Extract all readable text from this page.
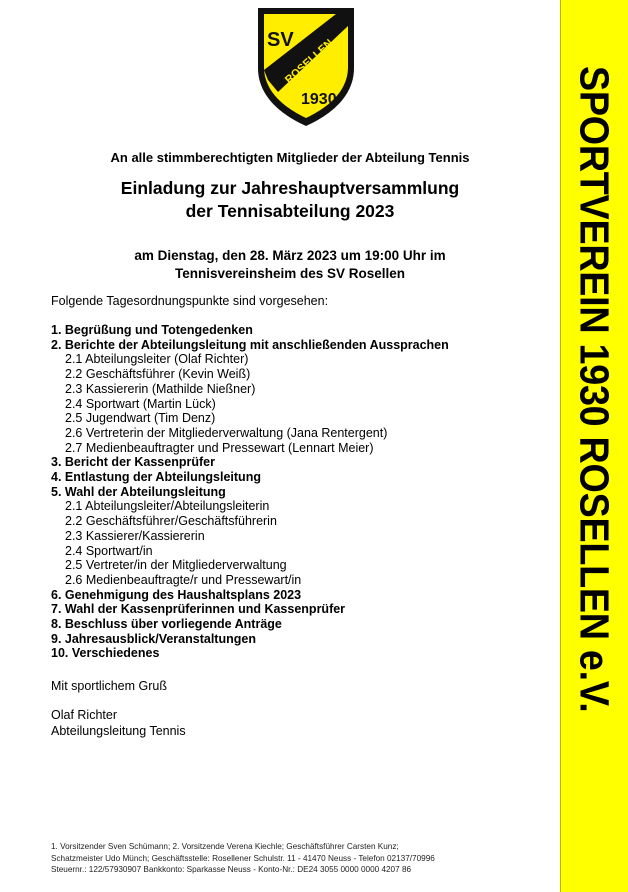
SPORTVEREIN 1930 ROSELLEN e.V.
SV
ROSELLEN
1930
An alle stimmberechtigten Mitglieder der Abteilung Tennis
Einladung zur Jahreshauptversammlung
der Tennisabteilung 2023
am Dienstag, den 28. März 2023 um 19:00 Uhr im
Tennisvereinsheim des SV Rosellen
Folgende Tagesordnungspunkte sind vorgesehen:
1. Begrüßung und Totengedenken
2. Berichte der Abteilungsleitung mit anschließenden Aussprachen
2.1 Abteilungsleiter (Olaf Richter)
2.2 Geschäftsführer (Kevin Weiß)
2.3 Kassiererin (Mathilde Nießner)
2.4 Sportwart (Martin Lück)
2.5 Jugendwart (Tim Denz)
2.6 Vertreterin der Mitgliederverwaltung (Jana Rentergent)
2.7 Medienbeauftragter und Pressewart (Lennart Meier)
3. Bericht der Kassenprüfer
4. Entlastung der Abteilungsleitung
5. Wahl der Abteilungsleitung
2.1 Abteilungsleiter/Abteilungsleiterin
2.2 Geschäftsführer/Geschäftsführerin
2.3 Kassierer/Kassiererin
2.4 Sportwart/in
2.5 Vertreter/in der Mitgliederverwaltung
2.6 Medienbeauftragte/r und Pressewart/in
6. Genehmigung des Haushaltsplans 2023
7. Wahl der Kassenprüferinnen und Kassenprüfer
8. Beschluss über vorliegende Anträge
9. Jahresausblick/Veranstaltungen
10. Verschiedenes
Mit sportlichem Gruß
Olaf Richter
Abteilungsleitung Tennis
1. Vorsitzender Sven Schümann; 2. Vorsitzende Verena Kiechle; Geschäftsführer Carsten Kunz;
Schatzmeister Udo Münch; Geschäftsstelle: Rosellener Schulstr. 11 - 41470 Neuss - Telefon 02137/70996
Steuernr.: 122/57930907 Bankkonto: Sparkasse Neuss - Konto-Nr.: DE24 3055 0000 0000 4207 86
